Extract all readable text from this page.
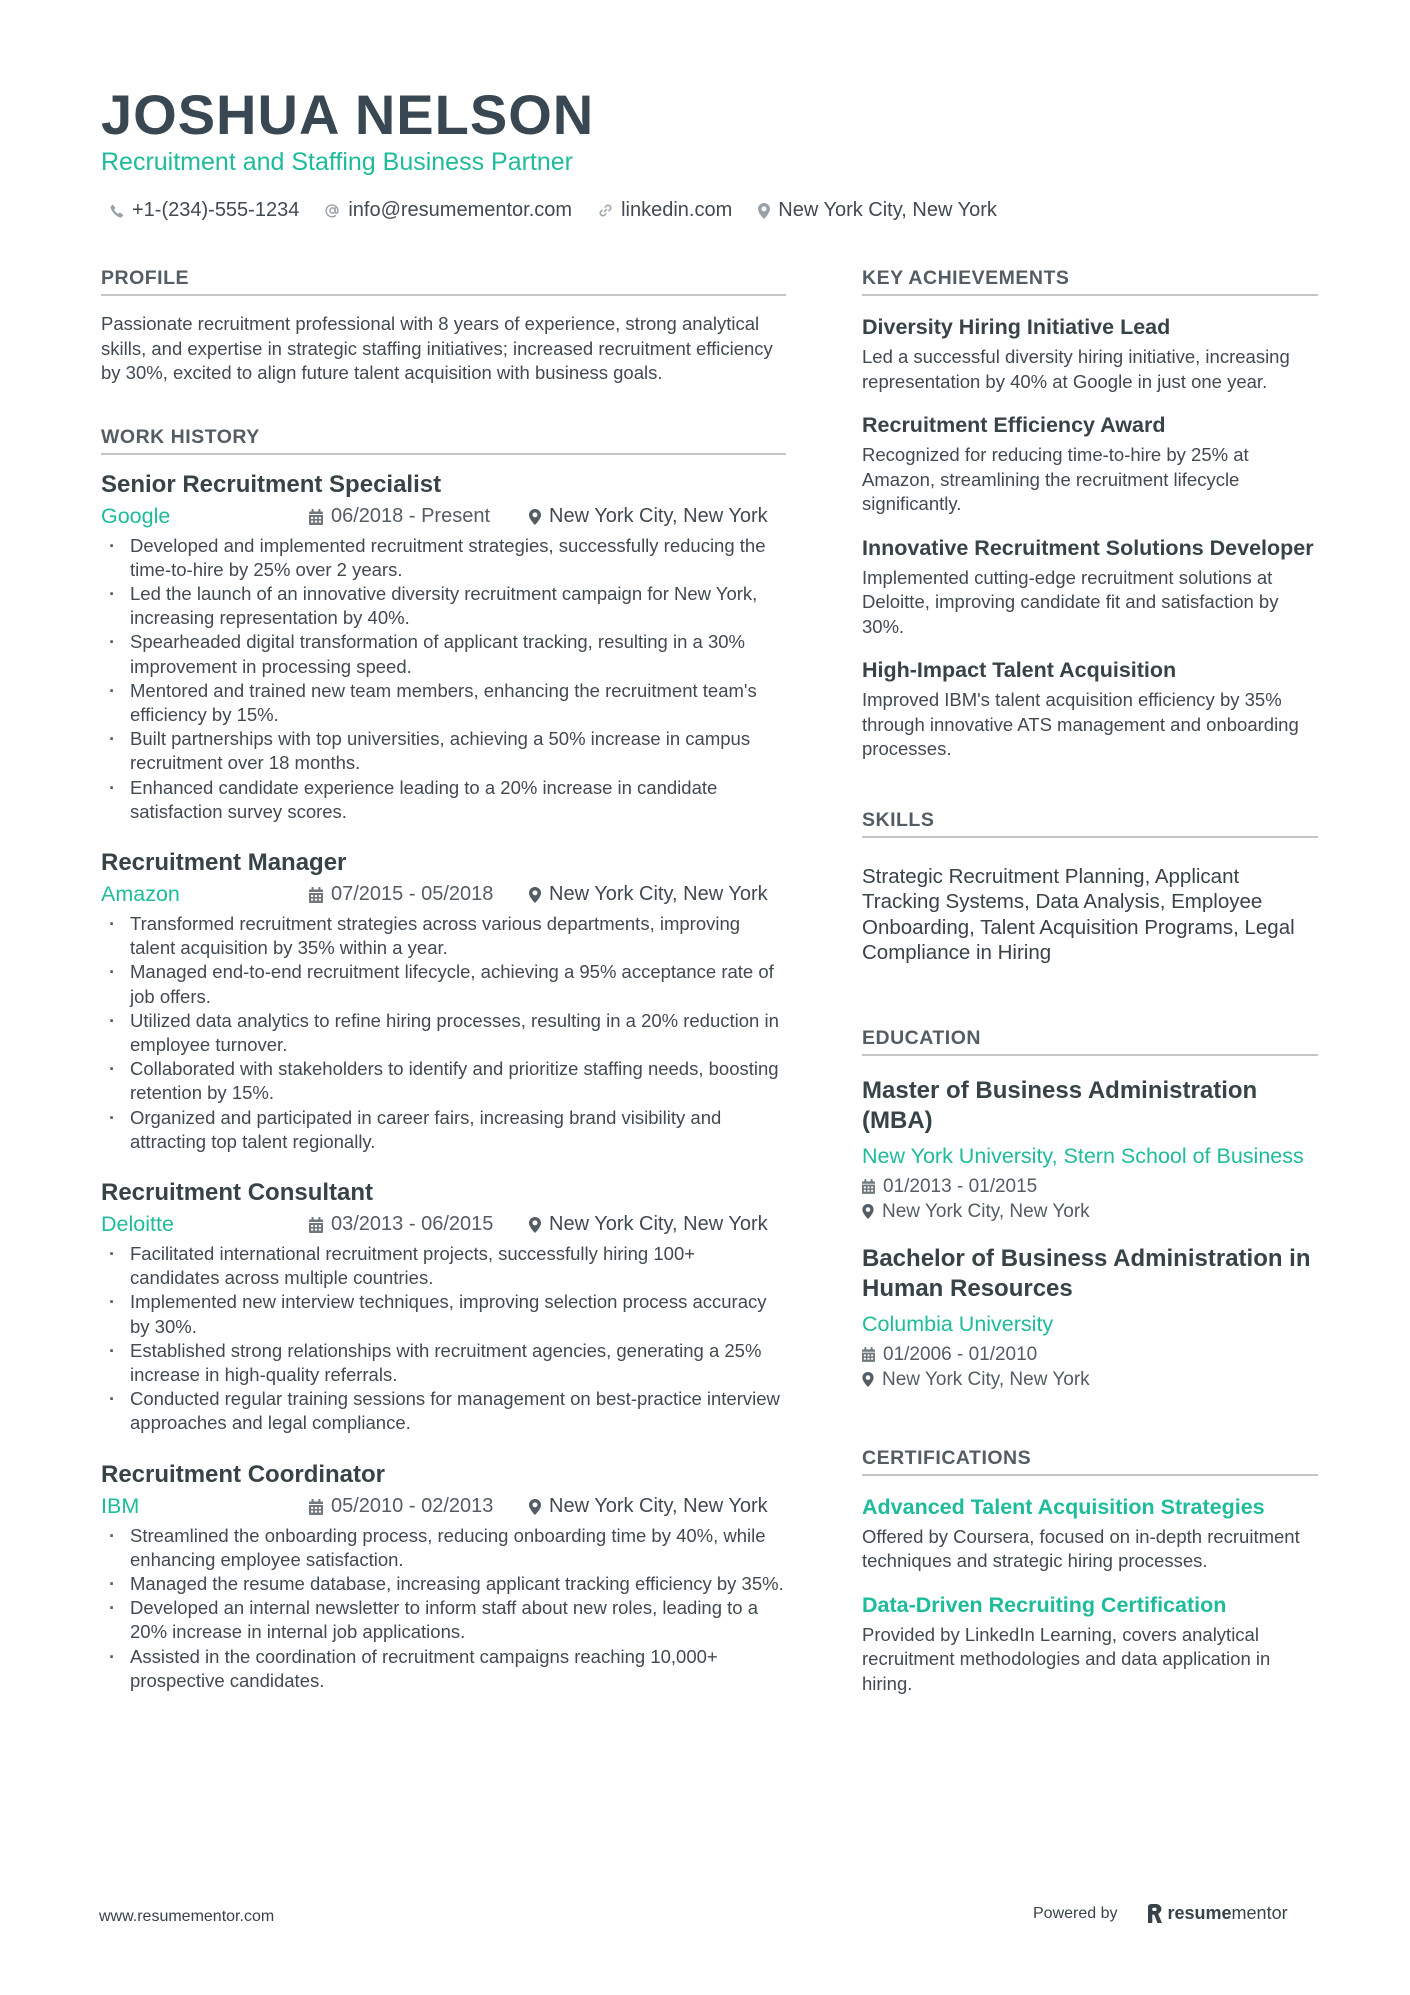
JOSHUA NELSON
Recruitment and Staffing Business Partner
+1-(234)-555-1234 info@resumementor.com linkedin.com New York City, New York
PROFILE
Passionate recruitment professional with 8 years of experience, strong analytical skills, and expertise in strategic staffing initiatives; increased recruitment efficiency by 30%, excited to align future talent acquisition with business goals.
WORK HISTORY
Senior Recruitment Specialist
Google	06/2018 - Present	New York City, New York
· Developed and implemented recruitment strategies, successfully reducing the time-to-hire by 25% over 2 years.
· Led the launch of an innovative diversity recruitment campaign for New York, increasing representation by 40%.
· Spearheaded digital transformation of applicant tracking, resulting in a 30% improvement in processing speed.
· Mentored and trained new team members, enhancing the recruitment team's efficiency by 15%.
· Built partnerships with top universities, achieving a 50% increase in campus recruitment over 18 months.
· Enhanced candidate experience leading to a 20% increase in candidate satisfaction survey scores.
Recruitment Manager
Amazon	07/2015 - 05/2018	New York City, New York
· Transformed recruitment strategies across various departments, improving talent acquisition by 35% within a year.
· Managed end-to-end recruitment lifecycle, achieving a 95% acceptance rate of job offers.
· Utilized data analytics to refine hiring processes, resulting in a 20% reduction in employee turnover.
· Collaborated with stakeholders to identify and prioritize staffing needs, boosting retention by 15%.
· Organized and participated in career fairs, increasing brand visibility and attracting top talent regionally.
Recruitment Consultant
Deloitte	03/2013 - 06/2015	New York City, New York
· Facilitated international recruitment projects, successfully hiring 100+ candidates across multiple countries.
· Implemented new interview techniques, improving selection process accuracy by 30%.
· Established strong relationships with recruitment agencies, generating a 25% increase in high-quality referrals.
· Conducted regular training sessions for management on best-practice interview approaches and legal compliance.
Recruitment Coordinator
IBM	05/2010 - 02/2013	New York City, New York
· Streamlined the onboarding process, reducing onboarding time by 40%, while enhancing employee satisfaction.
· Managed the resume database, increasing applicant tracking efficiency by 35%.
· Developed an internal newsletter to inform staff about new roles, leading to a 20% increase in internal job applications.
· Assisted in the coordination of recruitment campaigns reaching 10,000+ prospective candidates.
KEY ACHIEVEMENTS
Diversity Hiring Initiative Lead
Led a successful diversity hiring initiative, increasing representation by 40% at Google in just one year.
Recruitment Efficiency Award
Recognized for reducing time-to-hire by 25% at Amazon, streamlining the recruitment lifecycle significantly.
Innovative Recruitment Solutions Developer
Implemented cutting-edge recruitment solutions at Deloitte, improving candidate fit and satisfaction by 30%.
High-Impact Talent Acquisition
Improved IBM's talent acquisition efficiency by 35% through innovative ATS management and onboarding processes.
SKILLS
Strategic Recruitment Planning, Applicant Tracking Systems, Data Analysis, Employee Onboarding, Talent Acquisition Programs, Legal Compliance in Hiring
EDUCATION
Master of Business Administration (MBA)
New York University, Stern School of Business
01/2013 - 01/2015
New York City, New York
Bachelor of Business Administration in Human Resources
Columbia University
01/2006 - 01/2010
New York City, New York
CERTIFICATIONS
Advanced Talent Acquisition Strategies
Offered by Coursera, focused on in-depth recruitment techniques and strategic hiring processes.
Data-Driven Recruiting Certification
Provided by LinkedIn Learning, covers analytical recruitment methodologies and data application in hiring.
www.resumementor.com	Powered by	resume mentor
